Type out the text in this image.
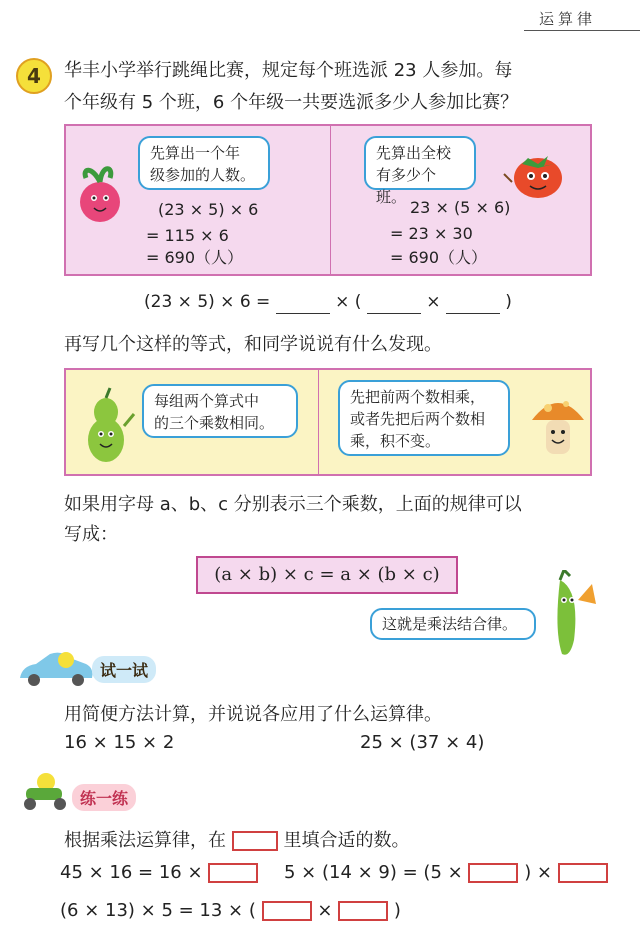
运算律
4	华丰小学举行跳绳比赛，规定每个班选派 23 人参加。每
个年级有 5 个班，6 个年级一共要选派多少人参加比赛？
先算出一个年
级参加的人数。
(23 × 5) × 6
= 115 × 6
= 690（人）
先算出全校
有多少个班。
23 × (5 × 6)
= 23 × 30
= 690（人）
(23 × 5) × 6 =	× (	×	)
再写几个这样的等式，和同学说说有什么发现。
每组两个算式中
的三个乘数相同。
先把前两个数相乘，
或者先把后两个数相
乘，积不变。
如果用字母 a、b、c 分别表示三个乘数，上面的规律可以
写成：
(a × b) × c = a × (b × c)
这就是乘法结合律。
试一试
用简便方法计算，并说说各应用了什么运算律。
16 × 15 × 2	25 × (37 × 4)
练一练
根据乘法运算律，在	里填合适的数。
45 × 16 = 16 ×	5 × (14 × 9) = (5 ×	) ×
(6 × 13) × 5 = 13 × (	×	)
